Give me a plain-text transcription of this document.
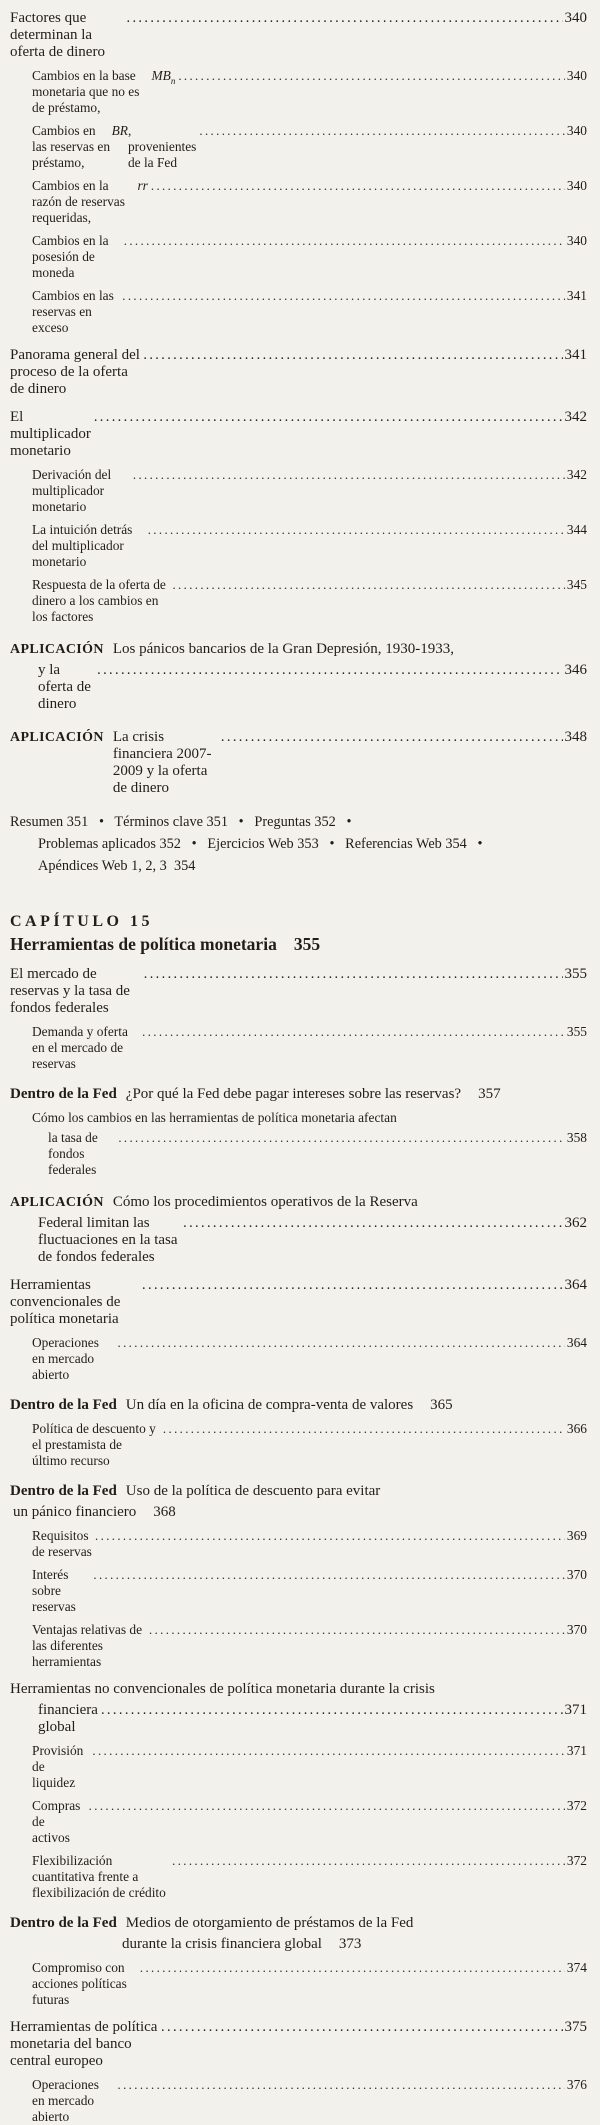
Factores que determinan la oferta de dinero
.....
340
Cambios en la base monetaria que no es de préstamo,
$MB_n$ .....	340
Cambios en las reservas en préstamo,
BR , provenientes de la Fed
.....
340
Cambios en la razón de reservas requeridas,
rr .....	340
Cambios en la posesión de moneda
.....
340
Cambios en las reservas en exceso
.....
341
Panorama general del proceso de la oferta de dinero
.....
341
El multiplicador monetario
.....
342
Derivación del multiplicador monetario
.....
342
La intuición detrás del multiplicador monetario
.....
344
Respuesta de la oferta de dinero a los cambios en los factores
.....
345
APLICACIÓN Los pánicos bancarios de la Gran Depresión, 1930-1933,
y la oferta de dinero
.....
346
APLICACIÓN La crisis financiera 2007-2009 y la oferta de dinero
.....
348
Resumen 351   •   Términos clave 351   •   Preguntas 352   •
Problemas aplicados 352   •   Ejercicios Web 353   •   Referencias Web 354   •
Apéndices Web 1, 2, 3  354
CAPÍTULO 15
Herramientas de política monetaria 355
El mercado de reservas y la tasa de fondos federales
.....
355
Demanda y oferta en el mercado de reservas
.....
355
Dentro de la Fed ¿Por qué la Fed debe pagar intereses sobre las reservas? 357
Cómo los cambios en las herramientas de política monetaria afectan
la tasa de fondos federales
.....
358
APLICACIÓN Cómo los procedimientos operativos de la Reserva
Federal limitan las fluctuaciones en la tasa de fondos federales
.....
362
Herramientas convencionales de política monetaria
.....
364
Operaciones en mercado abierto
.....
364
Dentro de la Fed Un día en la oficina de compra-venta de valores 365
Política de descuento y el prestamista de último recurso
.....
366
Dentro de la Fed Uso de la política de descuento para evitar
un pánico financiero 368
Requisitos de reservas
.....
369
Interés sobre reservas
.....
370
Ventajas relativas de las diferentes herramientas
.....
370
Herramientas no convencionales de política monetaria durante la crisis
financiera global
.....
371
Provisión de liquidez
.....
371
Compras de activos
.....
372
Flexibilización cuantitativa frente a flexibilización de crédito
.....
372
Dentro de la Fed Medios de otorgamiento de préstamos de la Fed
durante la crisis financiera global 373
Compromiso con acciones políticas futuras
.....
374
Herramientas de política monetaria del banco central europeo
.....
375
Operaciones en mercado abierto
.....
376
